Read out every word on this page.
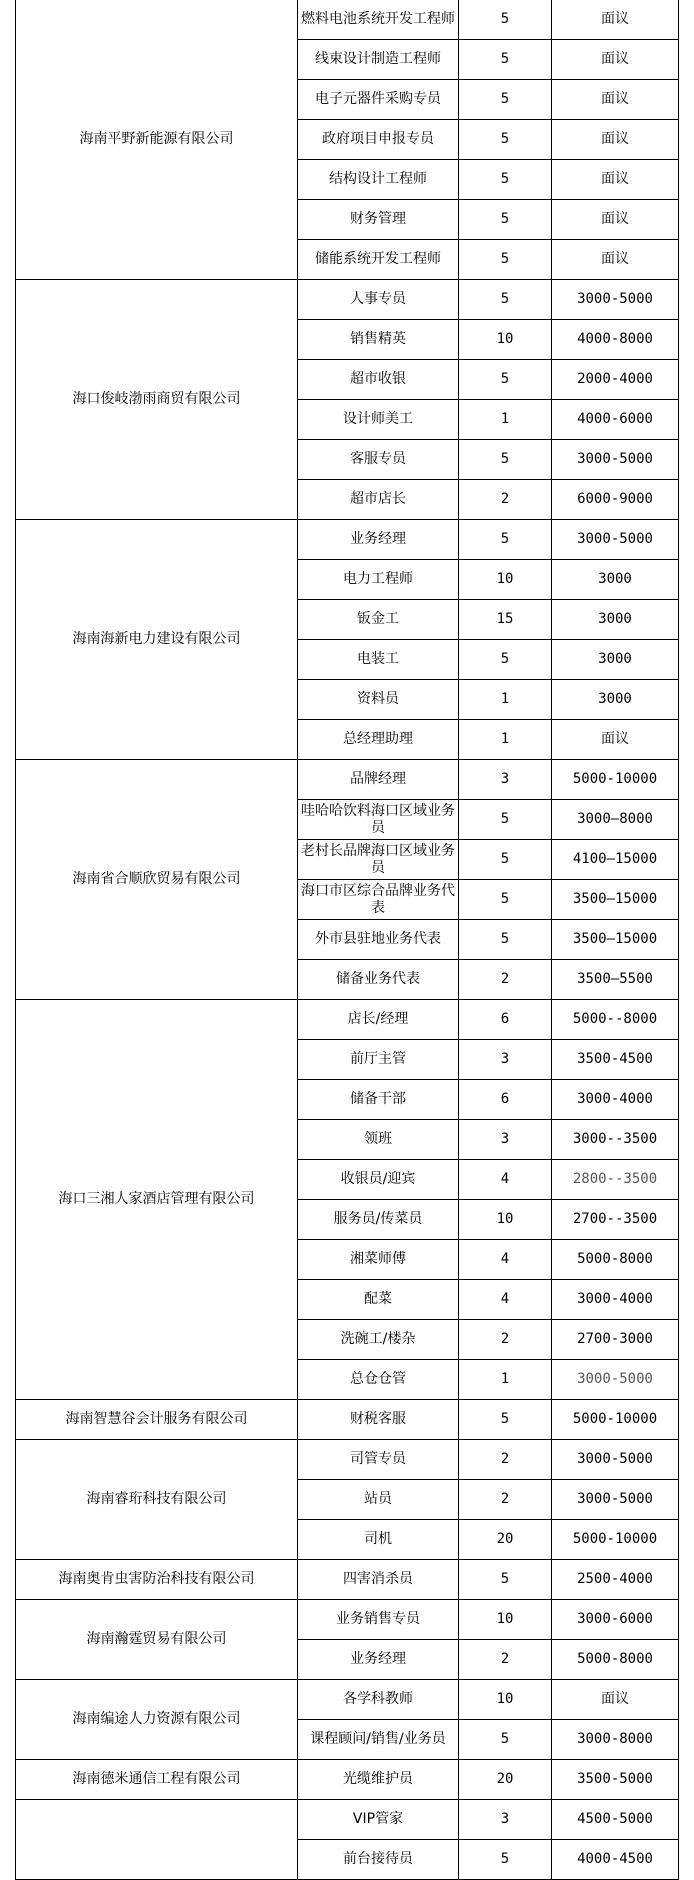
海南平野新能源有限公司	燃料电池系统开发工程师	5	面议
	线束设计制造工程师	5	面议
	电子元器件采购专员	5	面议
	政府项目申报专员	5	面议
	结构设计工程师	5	面议
	财务管理	5	面议
	储能系统开发工程师	5	面议
海口俊岐渤雨商贸有限公司	人事专员	5	3000-5000
	销售精英	10	4000-8000
	超市收银	5	2000-4000
	设计师美工	1	4000-6000
	客服专员	5	3000-5000
	超市店长	2	6000-9000
海南海新电力建设有限公司	业务经理	5	3000-5000
	电力工程师	10	3000
	钣金工	15	3000
	电装工	5	3000
	资料员	1	3000
	总经理助理	1	面议
海南省合顺欣贸易有限公司	品牌经理	3	5000-10000
	哇哈哈饮料海口区域业务员	5	3000—8000
	老村长品牌海口区域业务员	5	4100—15000
	海口市区综合品牌业务代表	5	3500—15000
	外市县驻地业务代表	5	3500—15000
	储备业务代表	2	3500—5500
海口三湘人家酒店管理有限公司	店长/经理	6	5000--8000
	前厅主管	3	3500-4500
	储备干部	6	3000-4000
	领班	3	3000--3500
	收银员/迎宾	4	2800--3500
	服务员/传菜员	10	2700--3500
	湘菜师傅	4	5000-8000
	配菜	4	3000-4000
	洗碗工/楼杂	2	2700-3000
	总仓仓管	1	3000-5000
海南智慧谷会计服务有限公司	财税客服	5	5000-10000
海南睿珩科技有限公司	司管专员	2	3000-5000
	站员	2	3000-5000
	司机	20	5000-10000
海南奥肯虫害防治科技有限公司	四害消杀员	5	2500-4000
海南瀚霆贸易有限公司	业务销售专员	10	3000-6000
	业务经理	2	5000-8000
海南编途人力资源有限公司	各学科教师	10	面议
	课程顾问/销售/业务员	5	3000-8000
海南德米通信工程有限公司	光缆维护员	20	3500-5000
	VIP管家	3	4500-5000
	前台接待员	5	4000-4500
